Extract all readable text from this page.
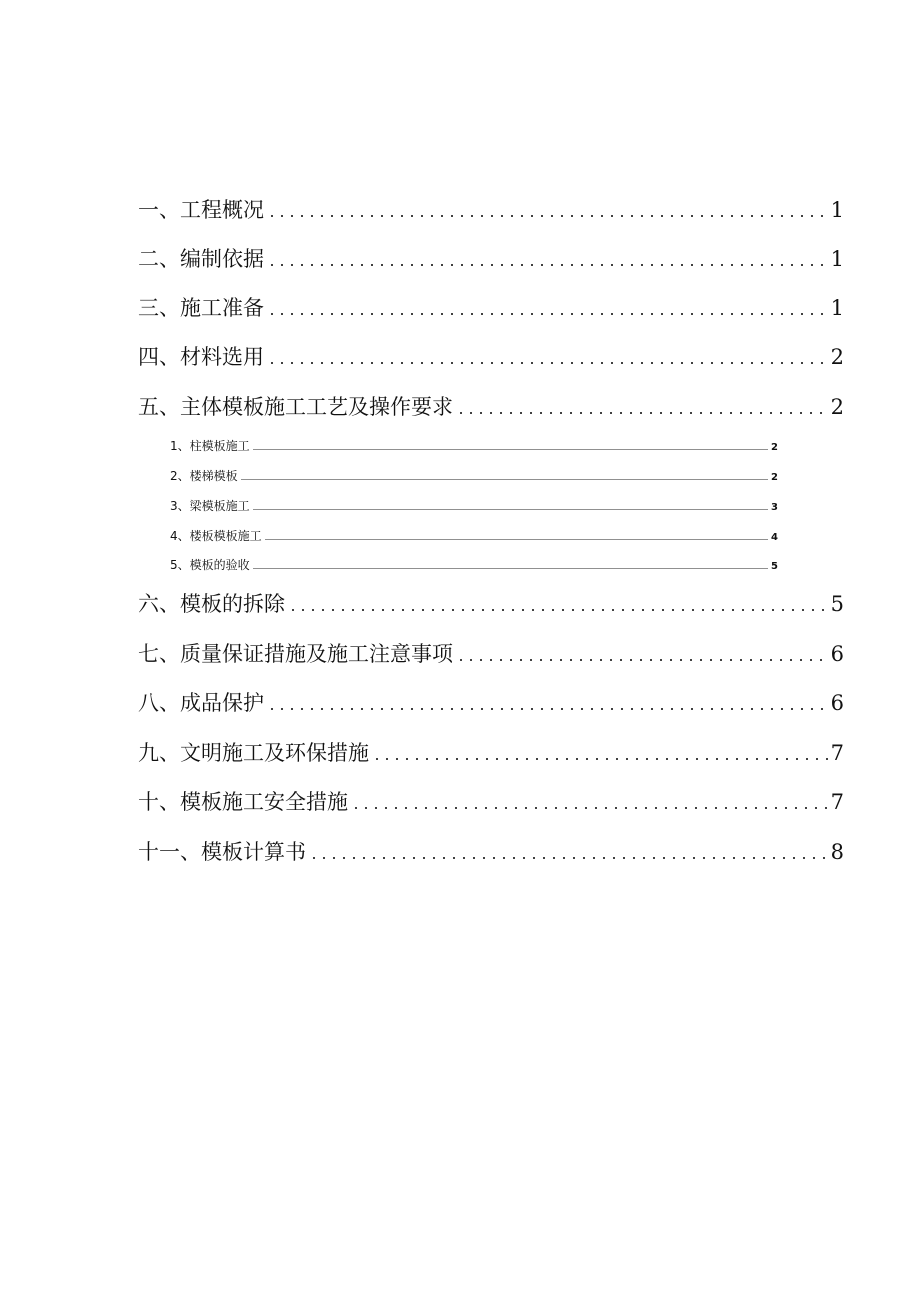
一、工程概况	1
二、编制依据	1
三、施工准备	1
四、材料选用	2
五、主体模板施工工艺及操作要求	2
1、柱模板施工	2
2、楼梯模板	2
3、梁模板施工	3
4、楼板模板施工	4
5、模板的验收	5
六、模板的拆除	5
七、质量保证措施及施工注意事项	6
八、成品保护	6
九、文明施工及环保措施	7
十、模板施工安全措施	7
十一、模板计算书	8
